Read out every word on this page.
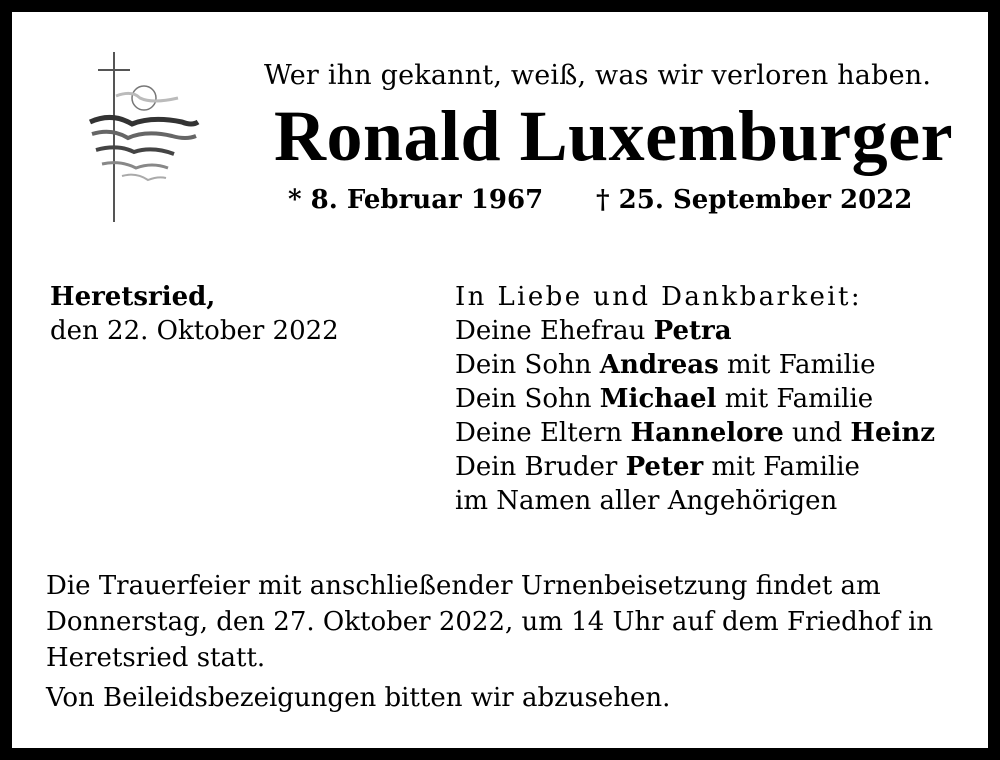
Wer ihn gekannt, weiß, was wir verloren haben.
Ronald Luxemburger
* 8. Februar 1967 † 25. September 2022
Heretsried,
den 22. Oktober 2022
In Liebe und Dankbarkeit:
Deine Ehefrau Petra
Dein Sohn Andreas mit Familie
Dein Sohn Michael mit Familie
Deine Eltern Hannelore und Heinz
Dein Bruder Peter mit Familie
im Namen aller Angehörigen
Die Trauerfeier mit anschließender Urnenbeisetzung findet am Donnerstag, den 27. Oktober 2022, um 14 Uhr auf dem Friedhof in Heretsried statt.
Von Beileidsbezeigungen bitten wir abzusehen.
